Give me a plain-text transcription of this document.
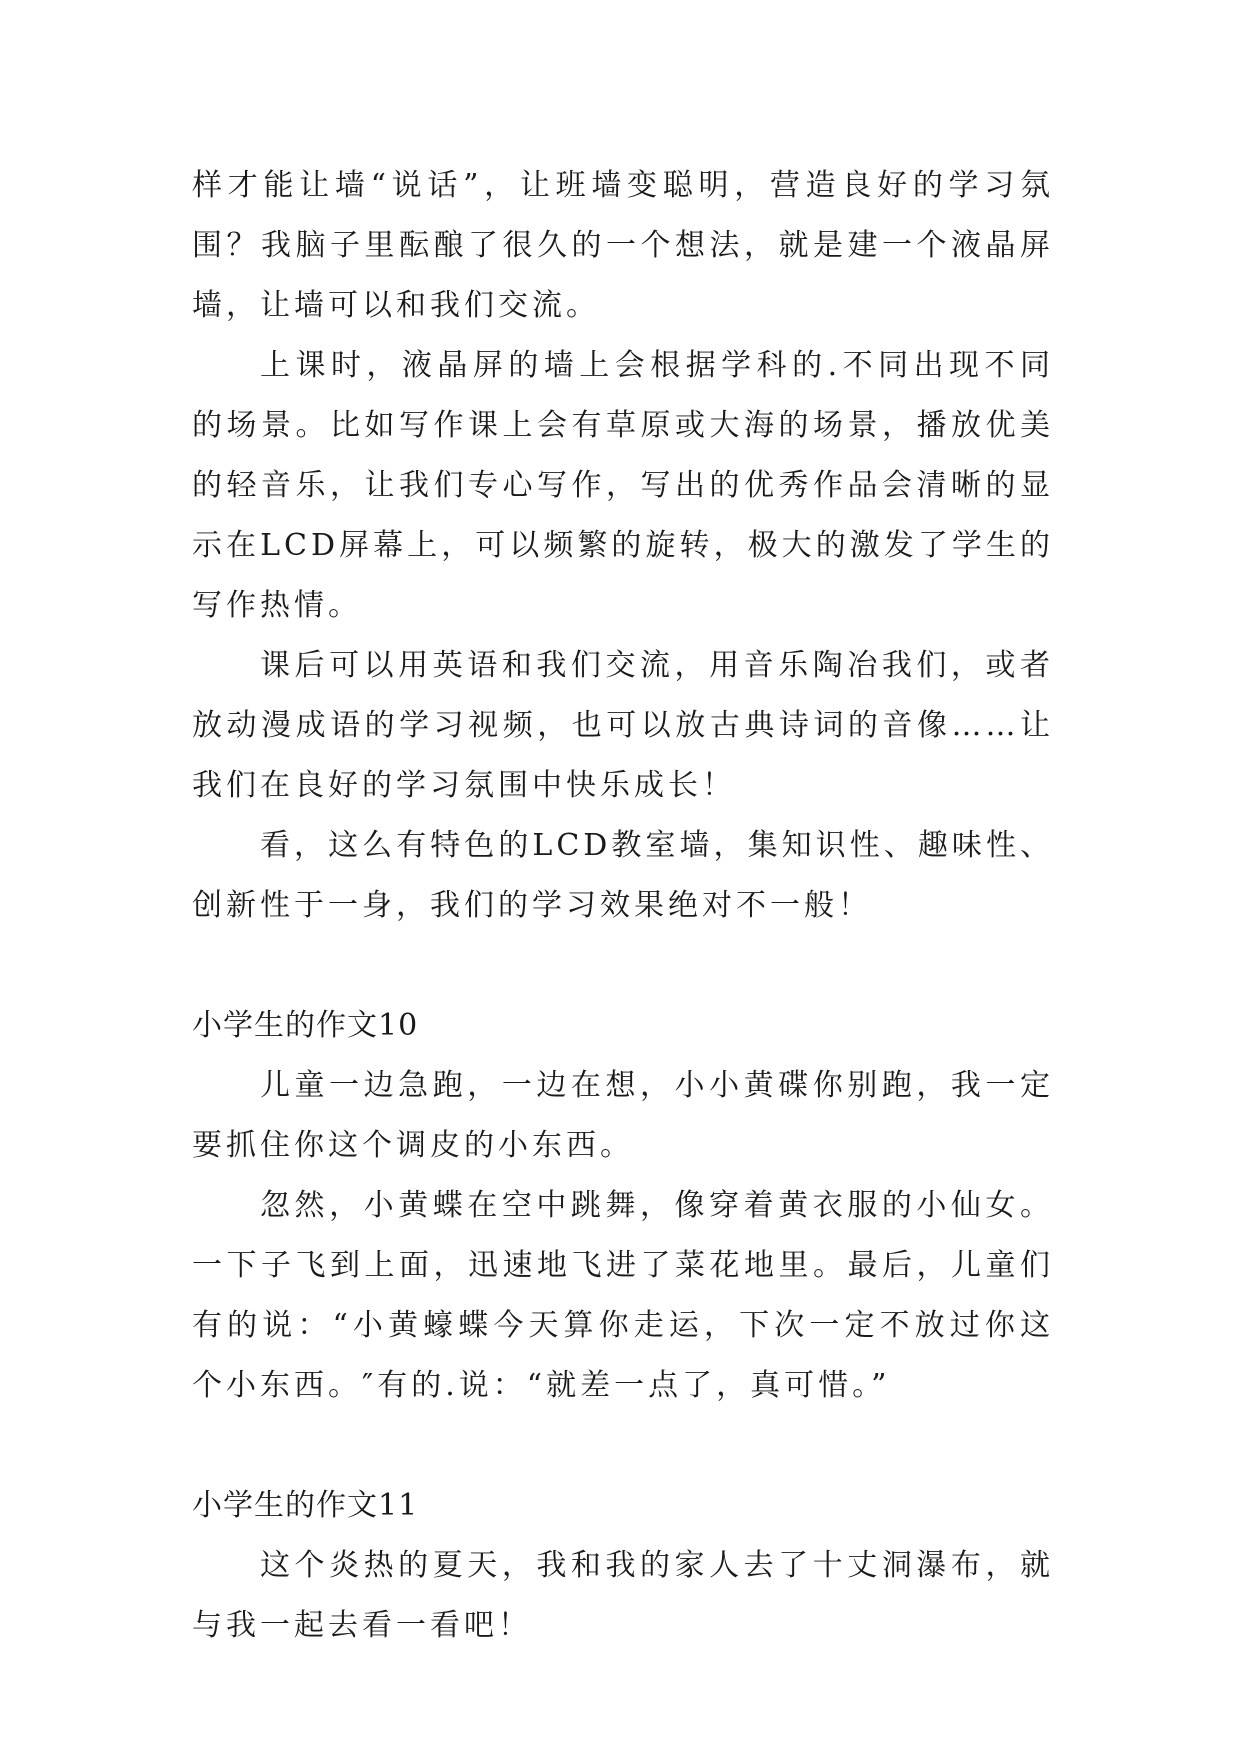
样才能让墙“说话”，让班墙变聪明，营造良好的学习氛围？我脑子里酝酿了很久的一个想法，就是建一个液晶屏墙，让墙可以和我们交流。

上课时，液晶屏的墙上会根据学科的.不同出现不同的场景。比如写作课上会有草原或大海的场景，播放优美的轻音乐，让我们专心写作，写出的优秀作品会清晰的显示在LCD屏幕上，可以频繁的旋转，极大的激发了学生的写作热情。

课后可以用英语和我们交流，用音乐陶冶我们，或者放动漫成语的学习视频，也可以放古典诗词的音像……让我们在良好的学习氛围中快乐成长！

看，这么有特色的LCD教室墙，集知识性、趣味性、创新性于一身，我们的学习效果绝对不一般！

小学生的作文10

儿童一边急跑，一边在想，小小黄碟你别跑，我一定要抓住你这个调皮的小东西。

忽然，小黄蝶在空中跳舞，像穿着黄衣服的小仙女。一下子飞到上面，迅速地飞进了菜花地里。最后，儿童们有的说：“小黄蠔蝶今天算你走运，下次一定不放过你这个小东西。″有的.说：“就差一点了，真可惜。”

小学生的作文11

这个炎热的夏天，我和我的家人去了十丈洞瀑布，就与我一起去看一看吧！
